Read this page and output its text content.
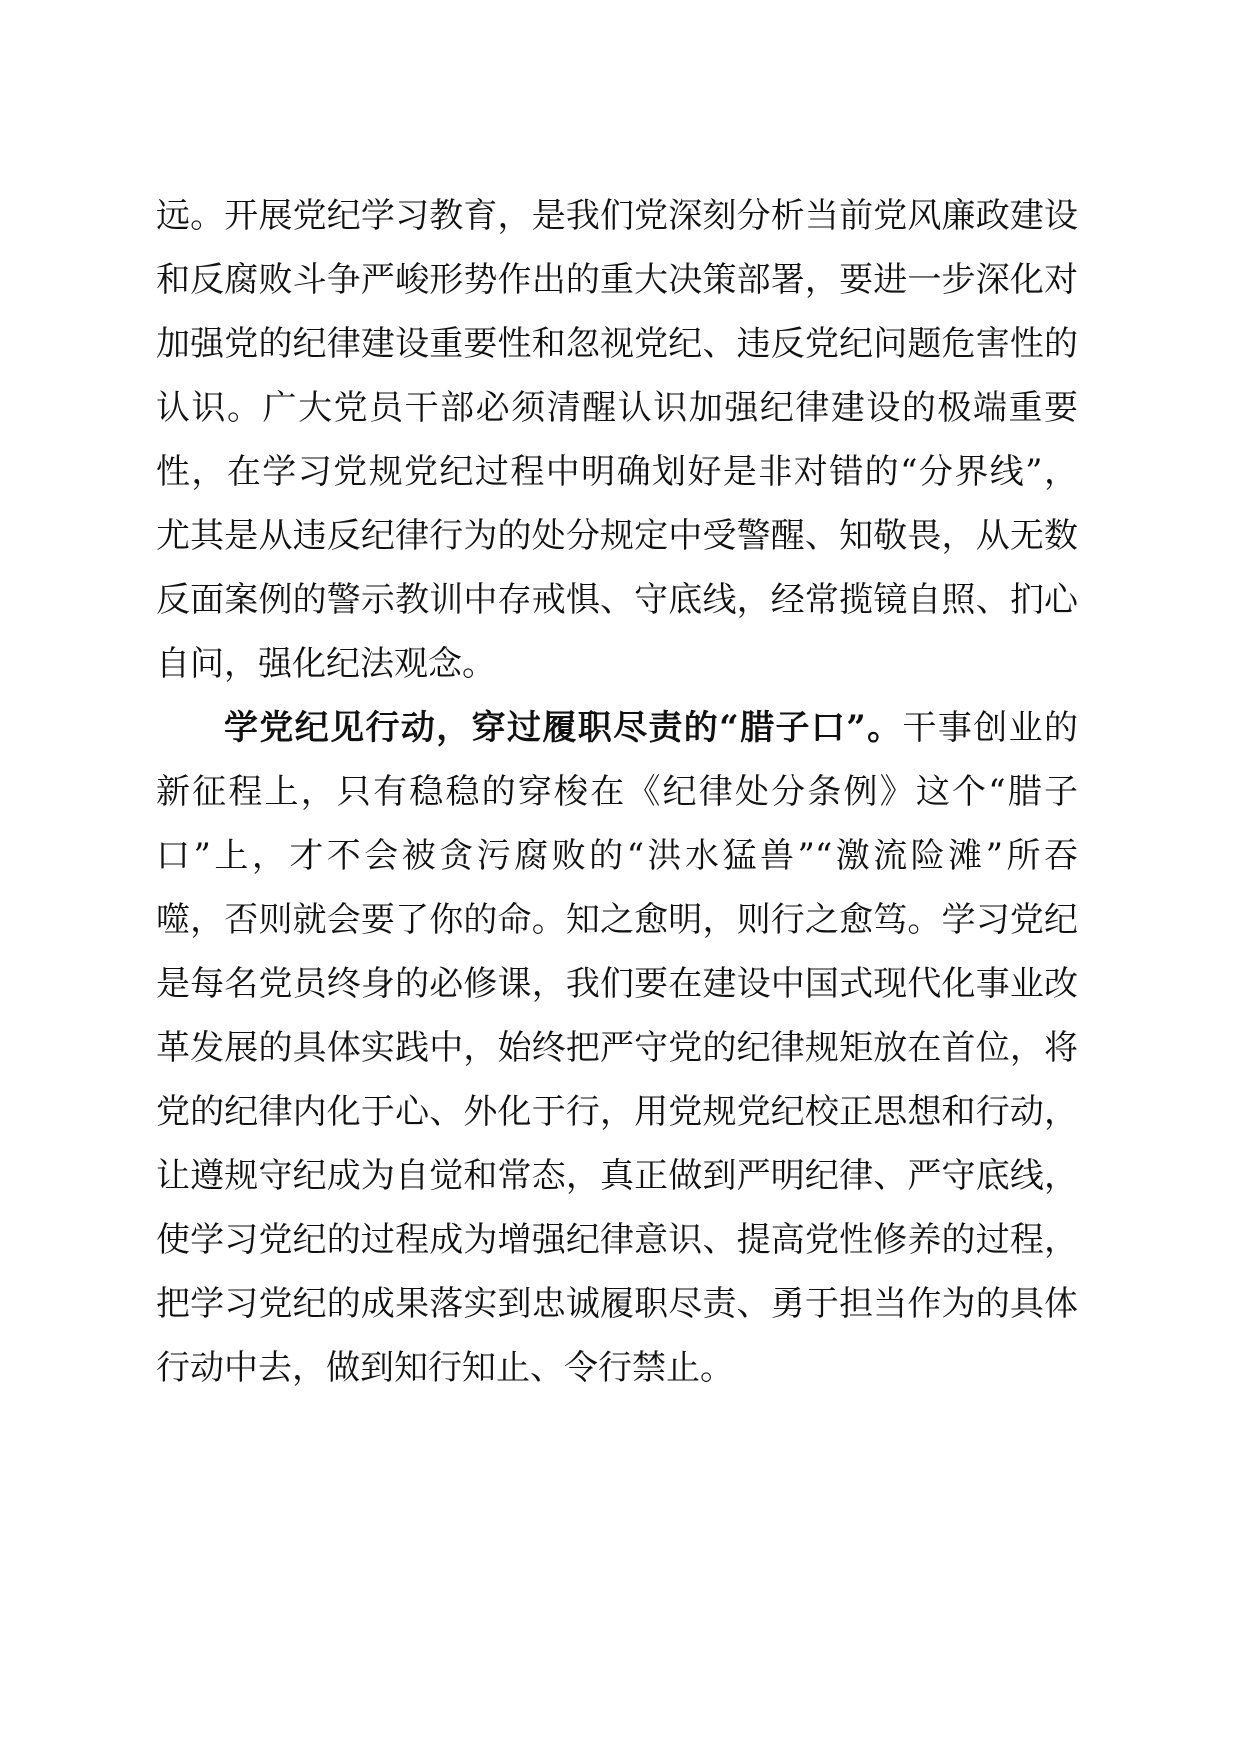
远。开展党纪学习教育，是我们党深刻分析当前党风廉政建设
和反腐败斗争严峻形势作出的重大决策部署，要进一步深化对
加强党的纪律建设重要性和忽视党纪、违反党纪问题危害性的
认识。广大党员干部必须清醒认识加强纪律建设的极端重要
性，在学习党规党纪过程中明确划好是非对错的“分界线”，
尤其是从违反纪律行为的处分规定中受警醒、知敬畏，从无数
反面案例的警示教训中存戒惧、守底线，经常揽镜自照、扪心
自问，强化纪法观念。
学党纪见行动，穿过履职尽责的“腊子口”。干事创业的
新征程上，只有稳稳的穿梭在《纪律处分条例》这个“腊子
口”上，才不会被贪污腐败的“洪水猛兽”“激流险滩”所吞
噬，否则就会要了你的命。知之愈明，则行之愈笃。学习党纪
是每名党员终身的必修课，我们要在建设中国式现代化事业改
革发展的具体实践中，始终把严守党的纪律规矩放在首位，将
党的纪律内化于心、外化于行，用党规党纪校正思想和行动，
让遵规守纪成为自觉和常态，真正做到严明纪律、严守底线，
使学习党纪的过程成为增强纪律意识、提高党性修养的过程，
把学习党纪的成果落实到忠诚履职尽责、勇于担当作为的具体
行动中去，做到知行知止、令行禁止。
